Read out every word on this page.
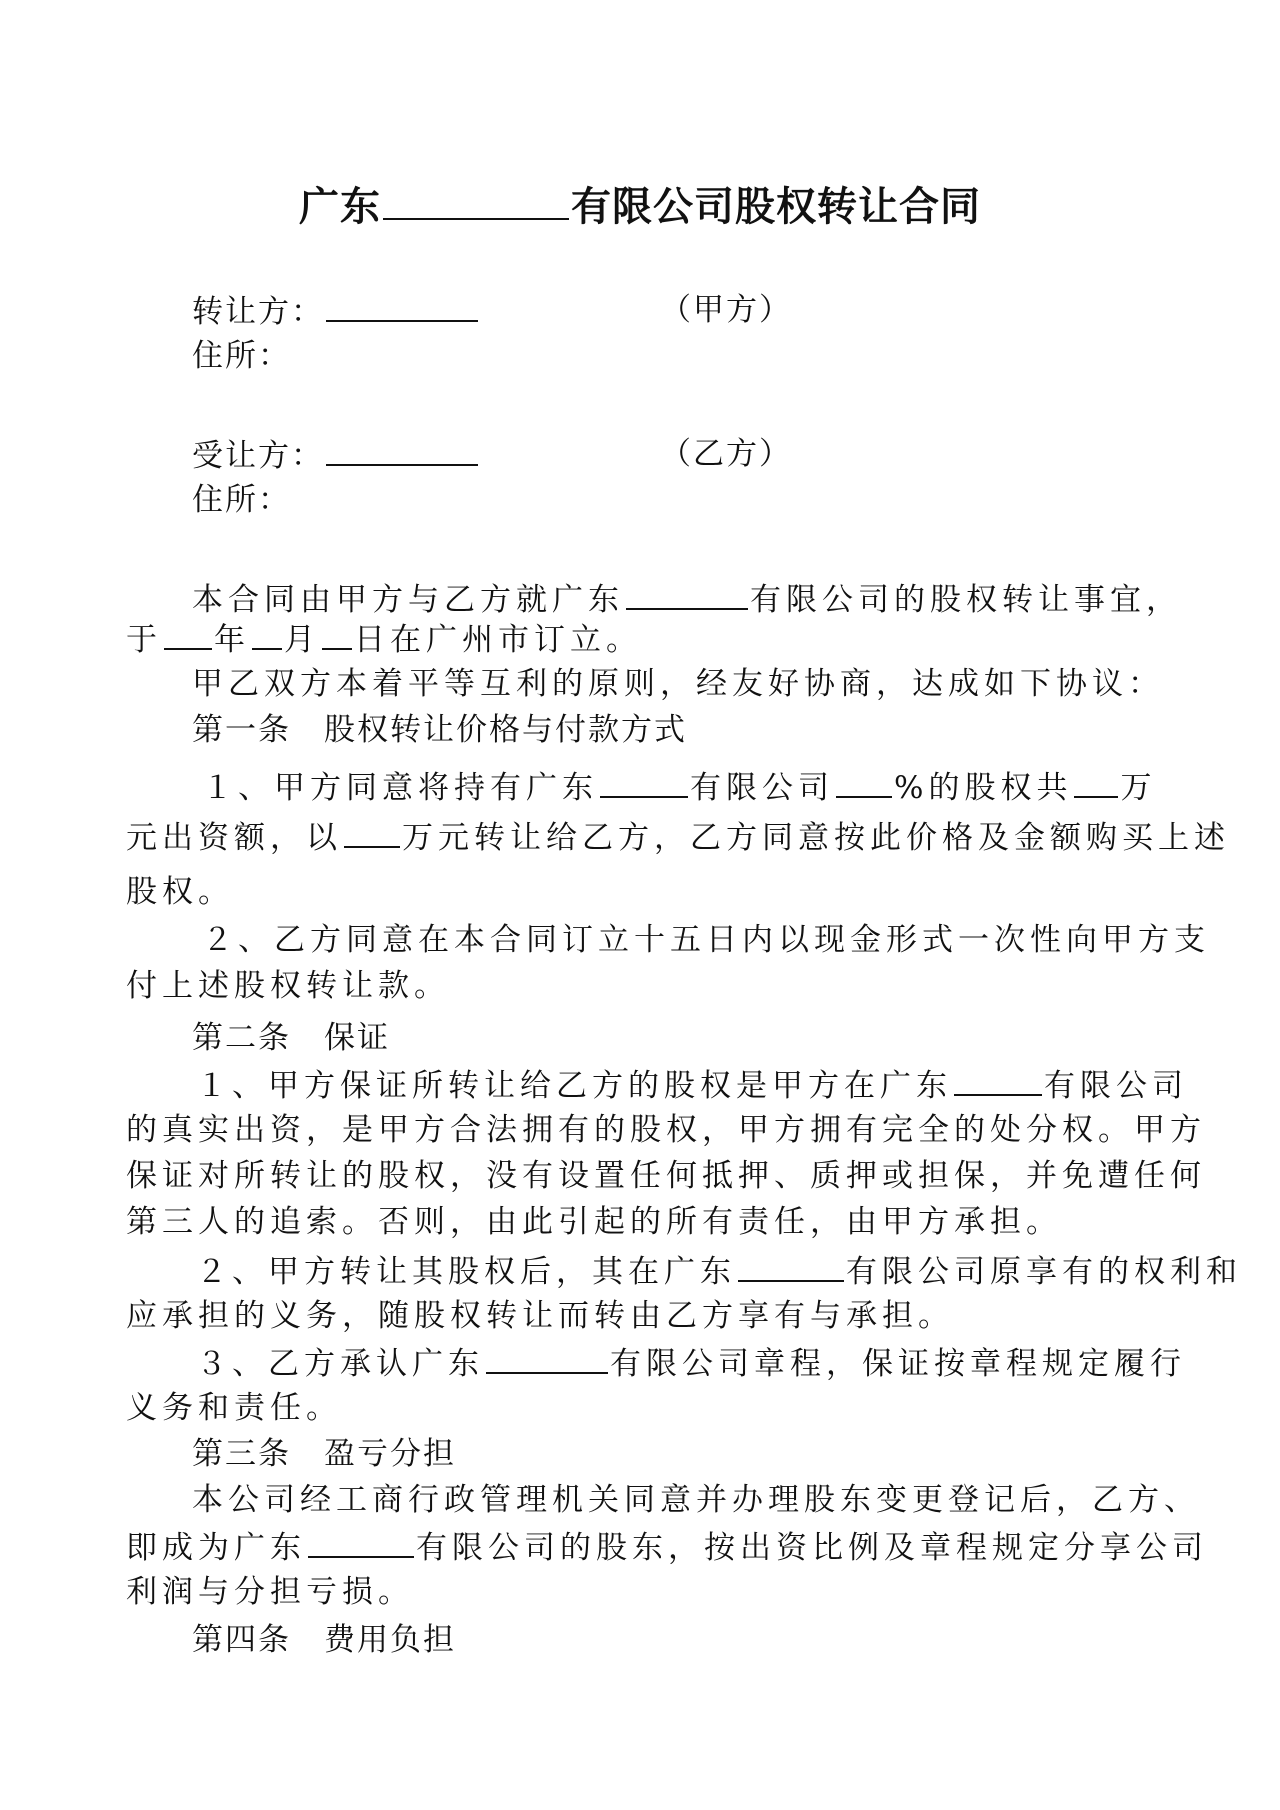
广东	有限公司股权转让合同
转让方：	（甲方）
住所：
受让方：	（乙方）
住所：
本合同由甲方与乙方就广东	有限公司的股权转让事宜，
于 年 月 日在广州市订立。
甲乙双方本着平等互利的原则，经友好协商，达成如下协议：
第一条　股权转让价格与付款方式
１、甲方同意将持有广东	有限公司 %的股权共 万
元出资额，以 万元转让给乙方，乙方同意按此价格及金额购买上述
股权。
２、乙方同意在本合同订立十五日内以现金形式一次性向甲方支
付上述股权转让款。
第二条　保证
１、甲方保证所转让给乙方的股权是甲方在广东	有限公司
的真实出资，是甲方合法拥有的股权，甲方拥有完全的处分权。甲方
保证对所转让的股权，没有设置任何抵押、质押或担保，并免遭任何
第三人的追索。否则，由此引起的所有责任，由甲方承担。
２、甲方转让其股权后，其在广东	有限公司原享有的权利和
应承担的义务，随股权转让而转由乙方享有与承担。
３、乙方承认广东	有限公司章程，保证按章程规定履行
义务和责任。
第三条　盈亏分担
本公司经工商行政管理机关同意并办理股东变更登记后，乙方、
即成为广东	有限公司的股东，按出资比例及章程规定分享公司
利润与分担亏损。
第四条　费用负担
